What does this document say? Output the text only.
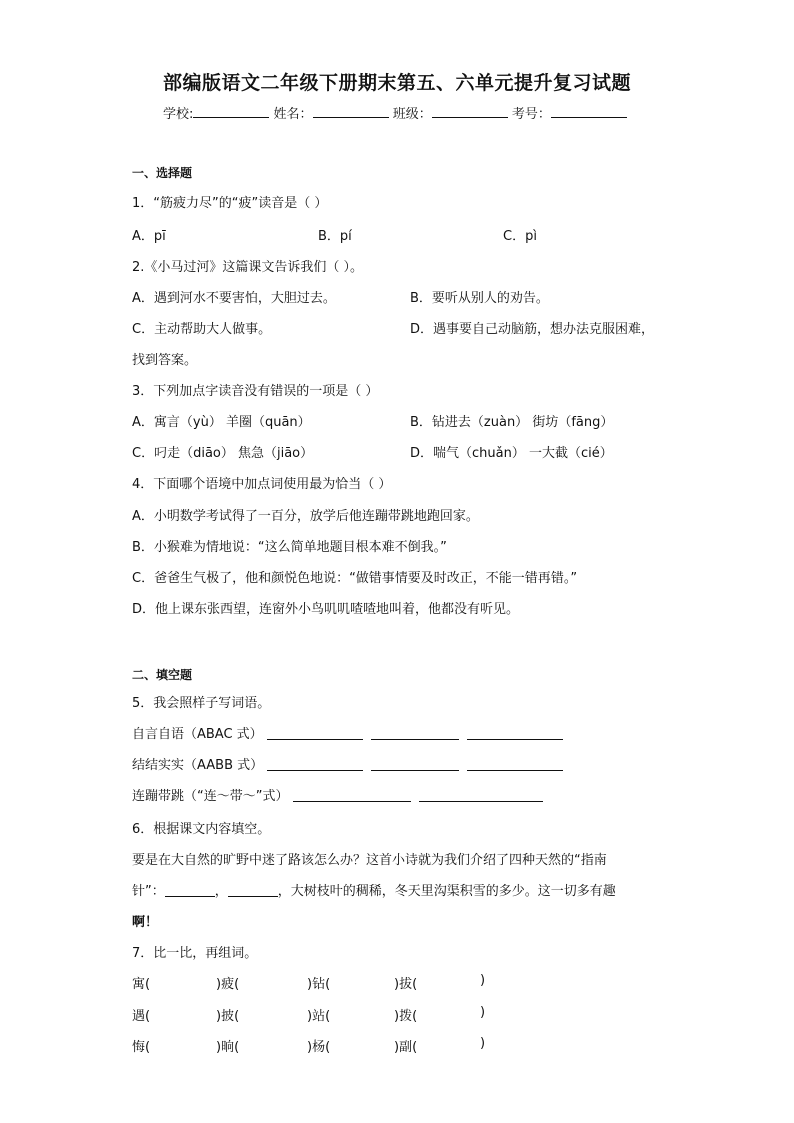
部编版语文二年级下册期末第五、六单元提升复习试题
学校:	姓名：	班级：	考号：
一、选择题
1．“筋疲力尽”的“疲”读音是（ ）
A．pī	B．pí	C．pì
2.《小马过河》这篇课文告诉我们（ ）。
A．遇到河水不要害怕，大胆过去。	B．要听从别人的劝告。
C．主动帮助大人做事。	D．遇事要自己动脑筋，想办法克服困难，
找到答案。
3．下列加点字读音没有错误的一项是（ ）
A．寓言（yù） 羊圈（quān）	B．钻进去（zuàn） 街坊（fāng）
C．叼走（diāo） 焦急（jiāo）	D．喘气（chuǎn） 一大截（cié）
4．下面哪个语境中加点词使用最为恰当（ ）
A．小明数学考试得了一百分，放学后他连蹦带跳地跑回家。
B．小猴难为情地说：“这么简单地题目根本难不倒我。”
C．爸爸生气极了，他和颜悦色地说：“做错事情要及时改正，不能一错再错。”
D．他上课东张西望，连窗外小鸟叽叽喳喳地叫着，他都没有听见。
二、填空题
5．我会照样子写词语。
自言自语（ABAC 式）
结结实实（AABB 式）
连蹦带跳（“连～带～”式）
6．根据课文内容填空。
要是在大自然的旷野中迷了路该怎么办？这首小诗就为我们介绍了四种天然的“指南
针”：	，	，大树枝叶的稠稀，冬天里沟渠积雪的多少。这一切多有趣
啊！
7．比一比，再组词。
寓(	)疲(	)钻(	)拔(	)
遇(	)披(	)站(	)拨(	)
悔(	)晌(	)杨(	)副(	)
